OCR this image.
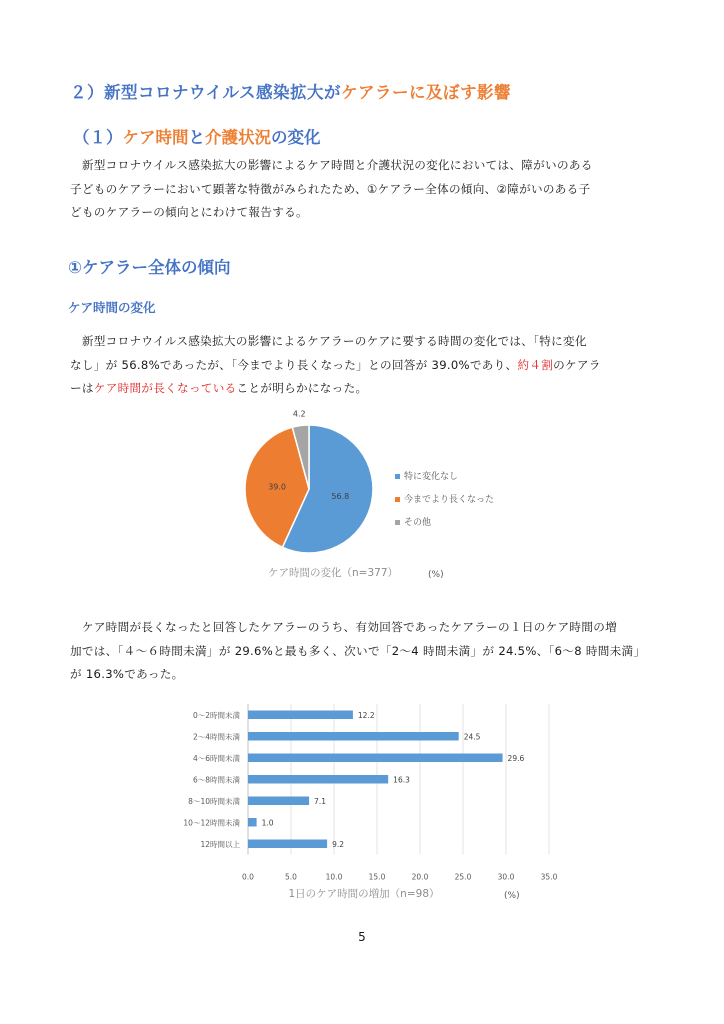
２）新型コロナウイルス感染拡大がケアラーに及ぼす影響
（１）ケア時間と介護状況の変化
　新型コロナウイルス感染拡大の影響によるケア時間と介護状況の変化においては、障がいのある
子どものケアラーにおいて顕著な特徴がみられたため、①ケアラー全体の傾向、②障がいのある子
どものケアラーの傾向とにわけて報告する。
①ケアラー全体の傾向
ケア時間の変化
　新型コロナウイルス感染拡大の影響によるケアラーのケアに要する時間の変化では、「特に変化
なし」が 56.8%であったが、「今までより長くなった」との回答が 39.0%であり、約４割のケアラ
ーはケア時間が長くなっていることが明らかになった。
56.8
39.0
4.2
特に変化なし
今までより長くなった
その他
ケア時間の変化（n=377）	(%)
　ケア時間が長くなったと回答したケアラーのうち、有効回答であったケアラーの１日のケア時間の増
加では、「４～６時間未満」が 29.6%と最も多く、次いで「2～4 時間未満」が 24.5%、「6～8 時間未満」
が 16.3%であった。
0～2時間未満
2～4時間未満
4～6時間未満
6～8時間未満
8～10時間未満
10～12時間未満
12時間以上
12.2
24.5
29.6
16.3
7.1
1.0
9.2
0.0	5.0	10.0	15.0	20.0	25.0	30.0	35.0
1日のケア時間の増加（n=98）	(%)
5
